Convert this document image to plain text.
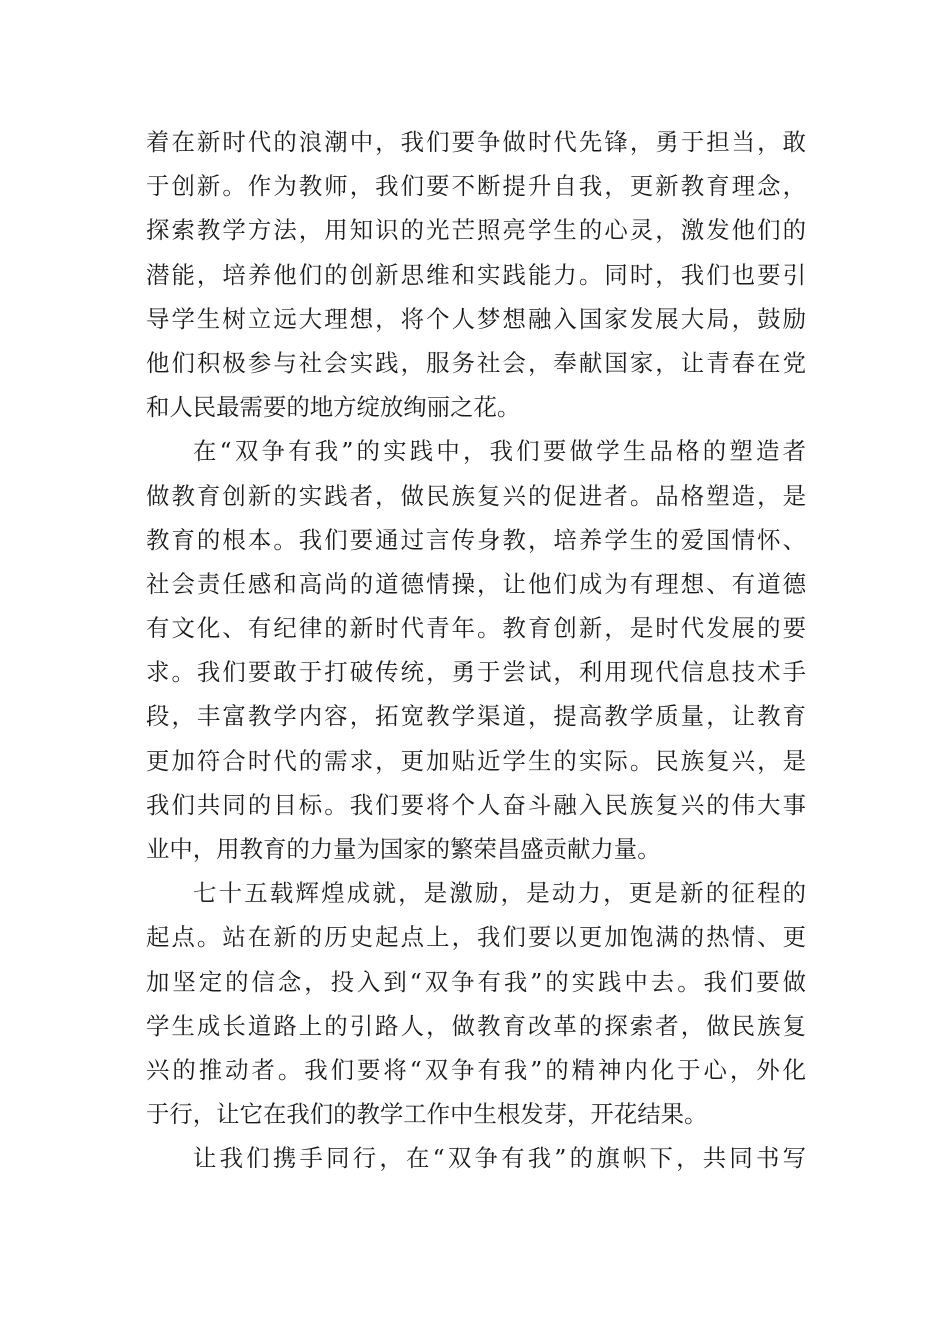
着在新时代的浪潮中，我们要争做时代先锋，勇于担当，敢
于创新。作为教师，我们要不断提升自我，更新教育理念，
探索教学方法，用知识的光芒照亮学生的心灵，激发他们的
潜能，培养他们的创新思维和实践能力。同时，我们也要引
导学生树立远大理想，将个人梦想融入国家发展大局，鼓励
他们积极参与社会实践，服务社会，奉献国家，让青春在党
和人民最需要的地方绽放绚丽之花。
在“双争有我”的实践中，我们要做学生品格的塑造者
做教育创新的实践者，做民族复兴的促进者。品格塑造，是
教育的根本。我们要通过言传身教，培养学生的爱国情怀、
社会责任感和高尚的道德情操，让他们成为有理想、有道德
有文化、有纪律的新时代青年。教育创新，是时代发展的要
求。我们要敢于打破传统，勇于尝试，利用现代信息技术手
段，丰富教学内容，拓宽教学渠道，提高教学质量，让教育
更加符合时代的需求，更加贴近学生的实际。民族复兴，是
我们共同的目标。我们要将个人奋斗融入民族复兴的伟大事
业中，用教育的力量为国家的繁荣昌盛贡献力量。
七十五载辉煌成就，是激励，是动力，更是新的征程的
起点。站在新的历史起点上，我们要以更加饱满的热情、更
加坚定的信念，投入到“双争有我”的实践中去。我们要做
学生成长道路上的引路人，做教育改革的探索者，做民族复
兴的推动者。我们要将“双争有我”的精神内化于心，外化
于行，让它在我们的教学工作中生根发芽，开花结果。
让我们携手同行，在“双争有我”的旗帜下，共同书写
